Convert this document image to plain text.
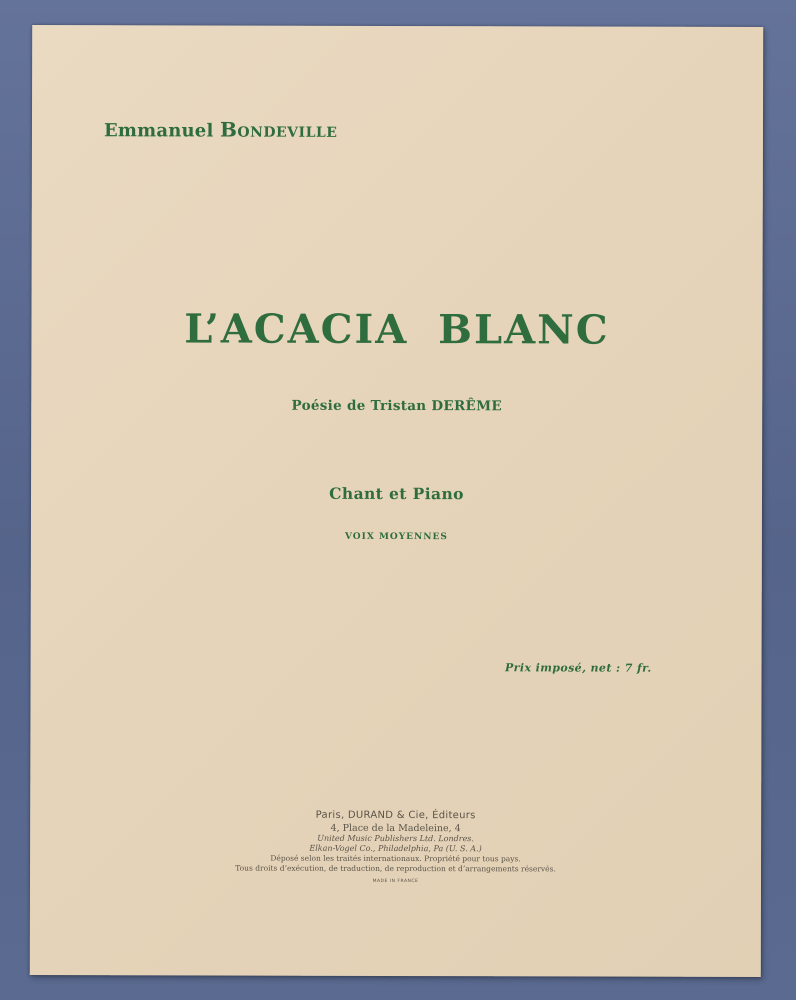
Emmanuel Bondeville
L’ACACIA BLANC
Poésie de Tristan DERÊME
Chant et Piano
VOIX MOYENNES
Prix imposé, net : 7 fr.
Paris, DURAND & Cie, Éditeurs
4, Place de la Madeleine, 4
United Music Publishers Ltd. Londres.
Elkan-Vogel Co., Philadelphia, Pa (U. S. A.)
Déposé selon les traités internationaux. Propriété pour tous pays.
Tous droits d’exécution, de traduction, de reproduction et d’arrangements réservés.
MADE IN FRANCE
